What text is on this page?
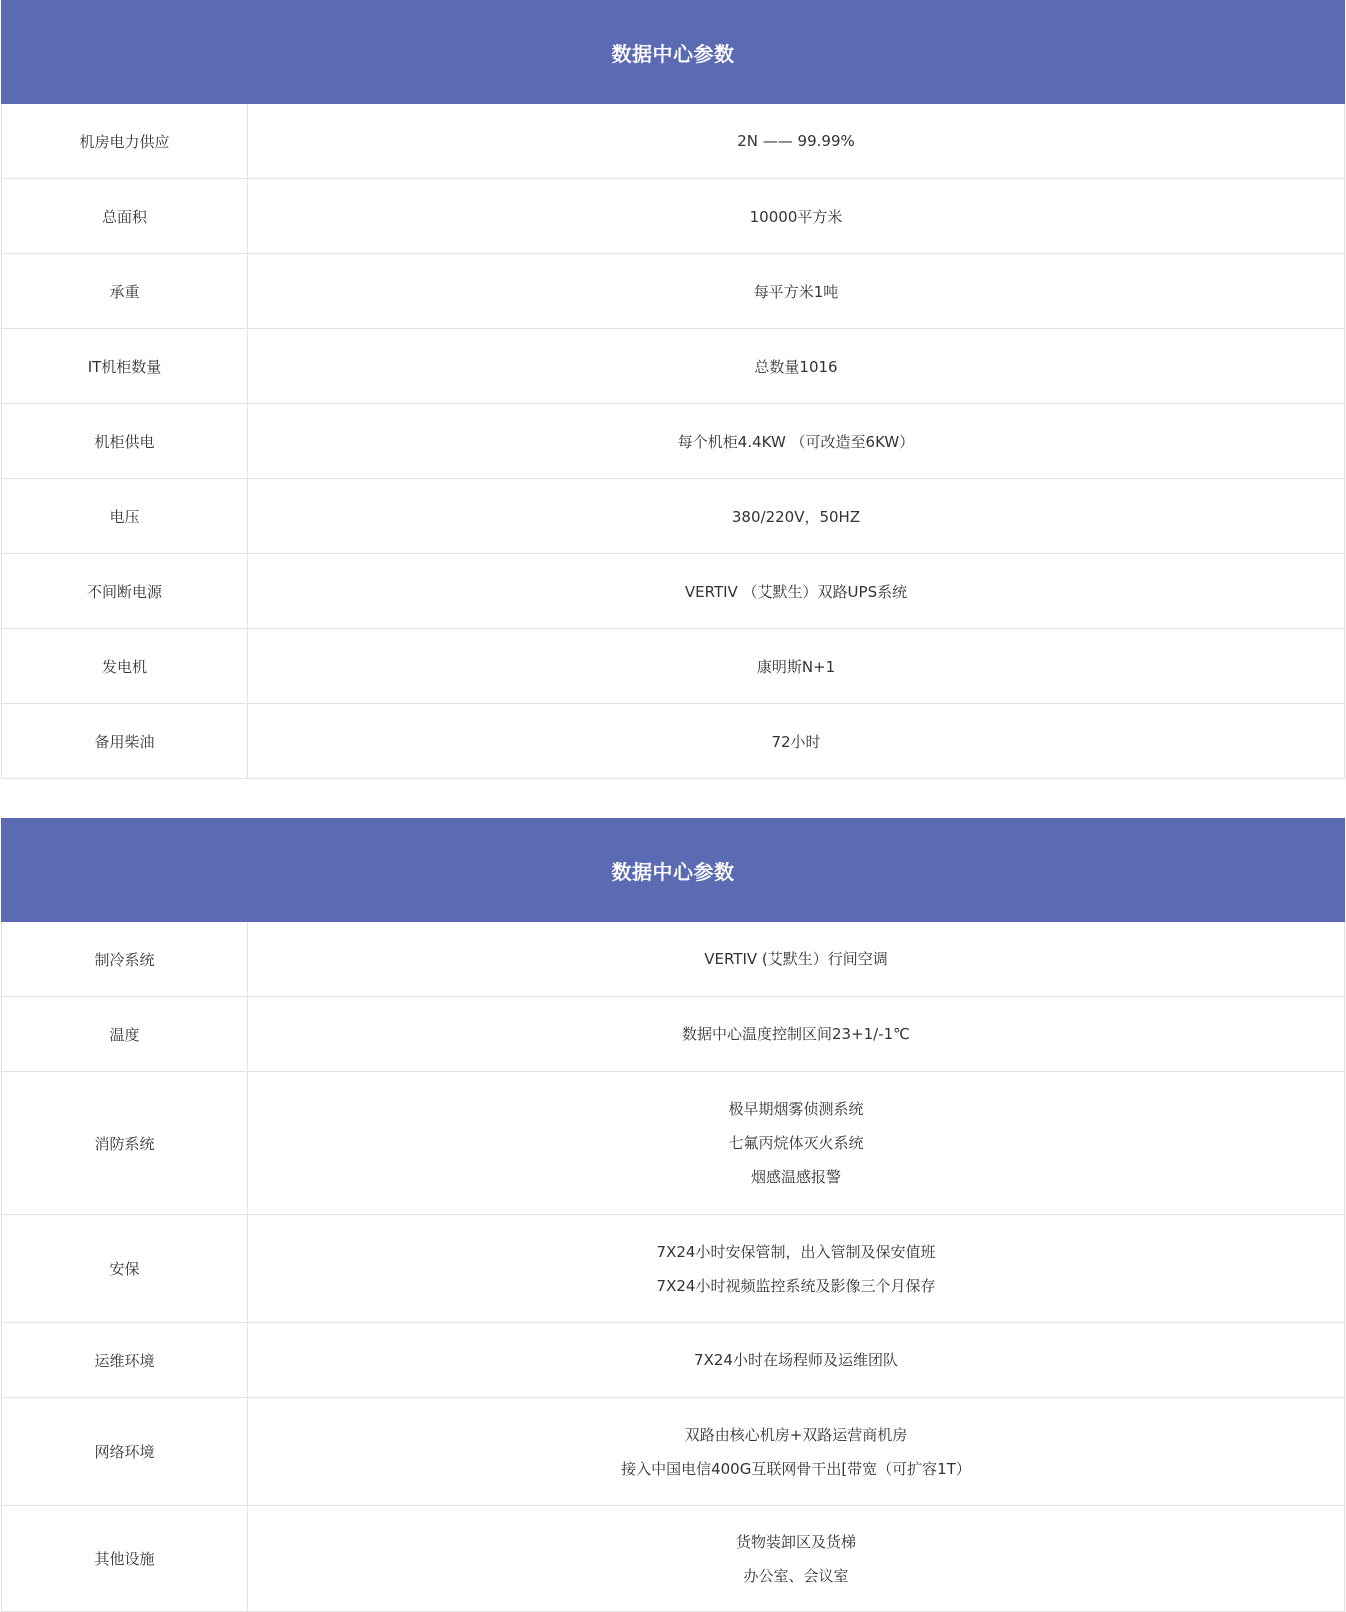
数据中心参数	
机房电力供应	2N —— 99.99%
总面积	10000平方米
承重	每平方米1吨
IT机柜数量	总数量1016
机柜供电	每个机柜4.4KW （可改造至6KW）
电压	380/220V，50HZ
不间断电源	VERTIV （艾默生）双路UPS系统
发电机	康明斯N+1
备用柴油	72小时
数据中心参数	
制冷系统	VERTIV (艾默生）行间空调

温度	数据中心温度控制区间23+1/-1℃

消防系统	极早期烟雾侦测系统
七氟丙烷体灭火系统
烟感温感报警

安保	7X24小时安保管制，出入管制及保安值班
7X24小时视频监控系统及影像三个月保存

运维环境	7X24小时在场程师及运维团队

网络环境	双路由核心机房+双路运营商机房
接入中国电信400G互联网骨干出[带宽（可扩容1T）

其他设施	货物装卸区及货梯
办公室、会议室
